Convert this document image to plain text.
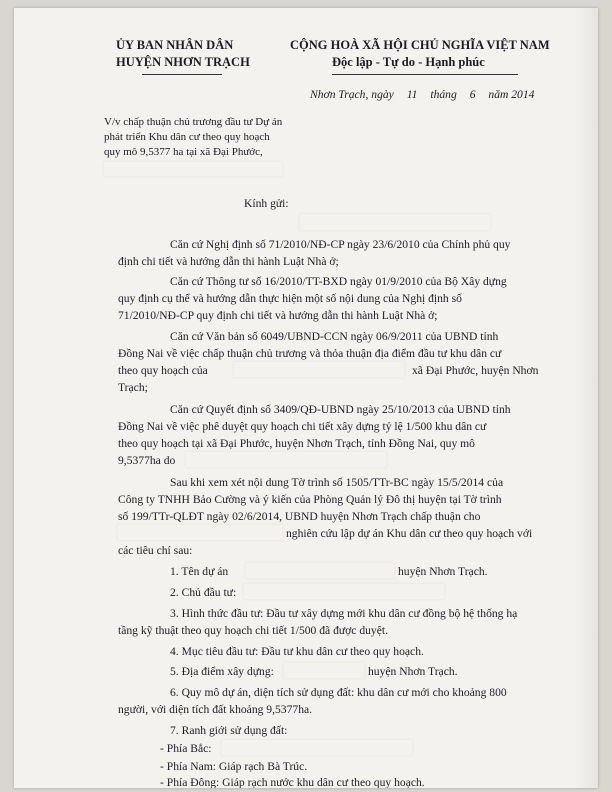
ỦY BAN NHÂN DÂN
HUYỆN NHƠN TRẠCH
CỘNG HOÀ XÃ HỘI CHỦ NGHĨA VIỆT NAM
Độc lập - Tự do - Hạnh phúc
Nhơn Trạch, ngày 11 tháng 6 năm 2014
V/v chấp thuận chủ trương đầu tư Dự án
phát triển Khu dân cư theo quy hoạch
quy mô 9,5377 ha tại xã Đại Phước,
Kính gửi:
Căn cứ Nghị định số 71/2010/NĐ-CP ngày 23/6/2010 của Chính phủ quy
định chi tiết và hướng dẫn thi hành Luật Nhà ở;
Căn cứ Thông tư số 16/2010/TT-BXD ngày 01/9/2010 của Bộ Xây dựng
quy định cụ thể và hướng dẫn thực hiện một số nội dung của Nghị định số
71/2010/NĐ-CP quy định chi tiết và hướng dẫn thi hành Luật Nhà ở;
Căn cứ Văn bản số 6049/UBND-CCN ngày 06/9/2011 của UBND tỉnh
Đồng Nai về việc chấp thuận chủ trương và thỏa thuận địa điểm đầu tư khu dân cư
theo quy hoạch của	xã Đại Phước, huyện Nhơn
Trạch;
Căn cứ Quyết định số 3409/QĐ-UBND ngày 25/10/2013 của UBND tỉnh
Đồng Nai về việc phê duyệt quy hoạch chi tiết xây dựng tỷ lệ 1/500 khu dân cư
theo quy hoạch tại xã Đại Phước, huyện Nhơn Trạch, tỉnh Đồng Nai, quy mô
9,5377ha do
Sau khi xem xét nội dung Tờ trình số 1505/TTr-BC ngày 15/5/2014 của
Công ty TNHH Bảo Cường và ý kiến của Phòng Quản lý Đô thị huyện tại Tờ trình
số 199/TTr-QLĐT ngày 02/6/2014, UBND huyện Nhơn Trạch chấp thuận cho
nghiên cứu lập dự án Khu dân cư theo quy hoạch với
các tiêu chí sau:
1. Tên dự án	huyện Nhơn Trạch.
2. Chủ đầu tư:
3. Hình thức đầu tư: Đầu tư xây dựng mới khu dân cư đồng bộ hệ thống hạ
tầng kỹ thuật theo quy hoạch chi tiết 1/500 đã được duyệt.
4. Mục tiêu đầu tư: Đầu tư khu dân cư theo quy hoạch.
5. Địa điểm xây dựng:	huyện Nhơn Trạch.
6. Quy mô dự án, diện tích sử dụng đất: khu dân cư mới cho khoảng 800
người, với diện tích đất khoảng 9,5377ha.
7. Ranh giới sử dụng đất:
- Phía Bắc:
- Phía Nam: Giáp rạch Bà Trúc.
- Phía Đông: Giáp rạch nước khu dân cư theo quy hoạch.
